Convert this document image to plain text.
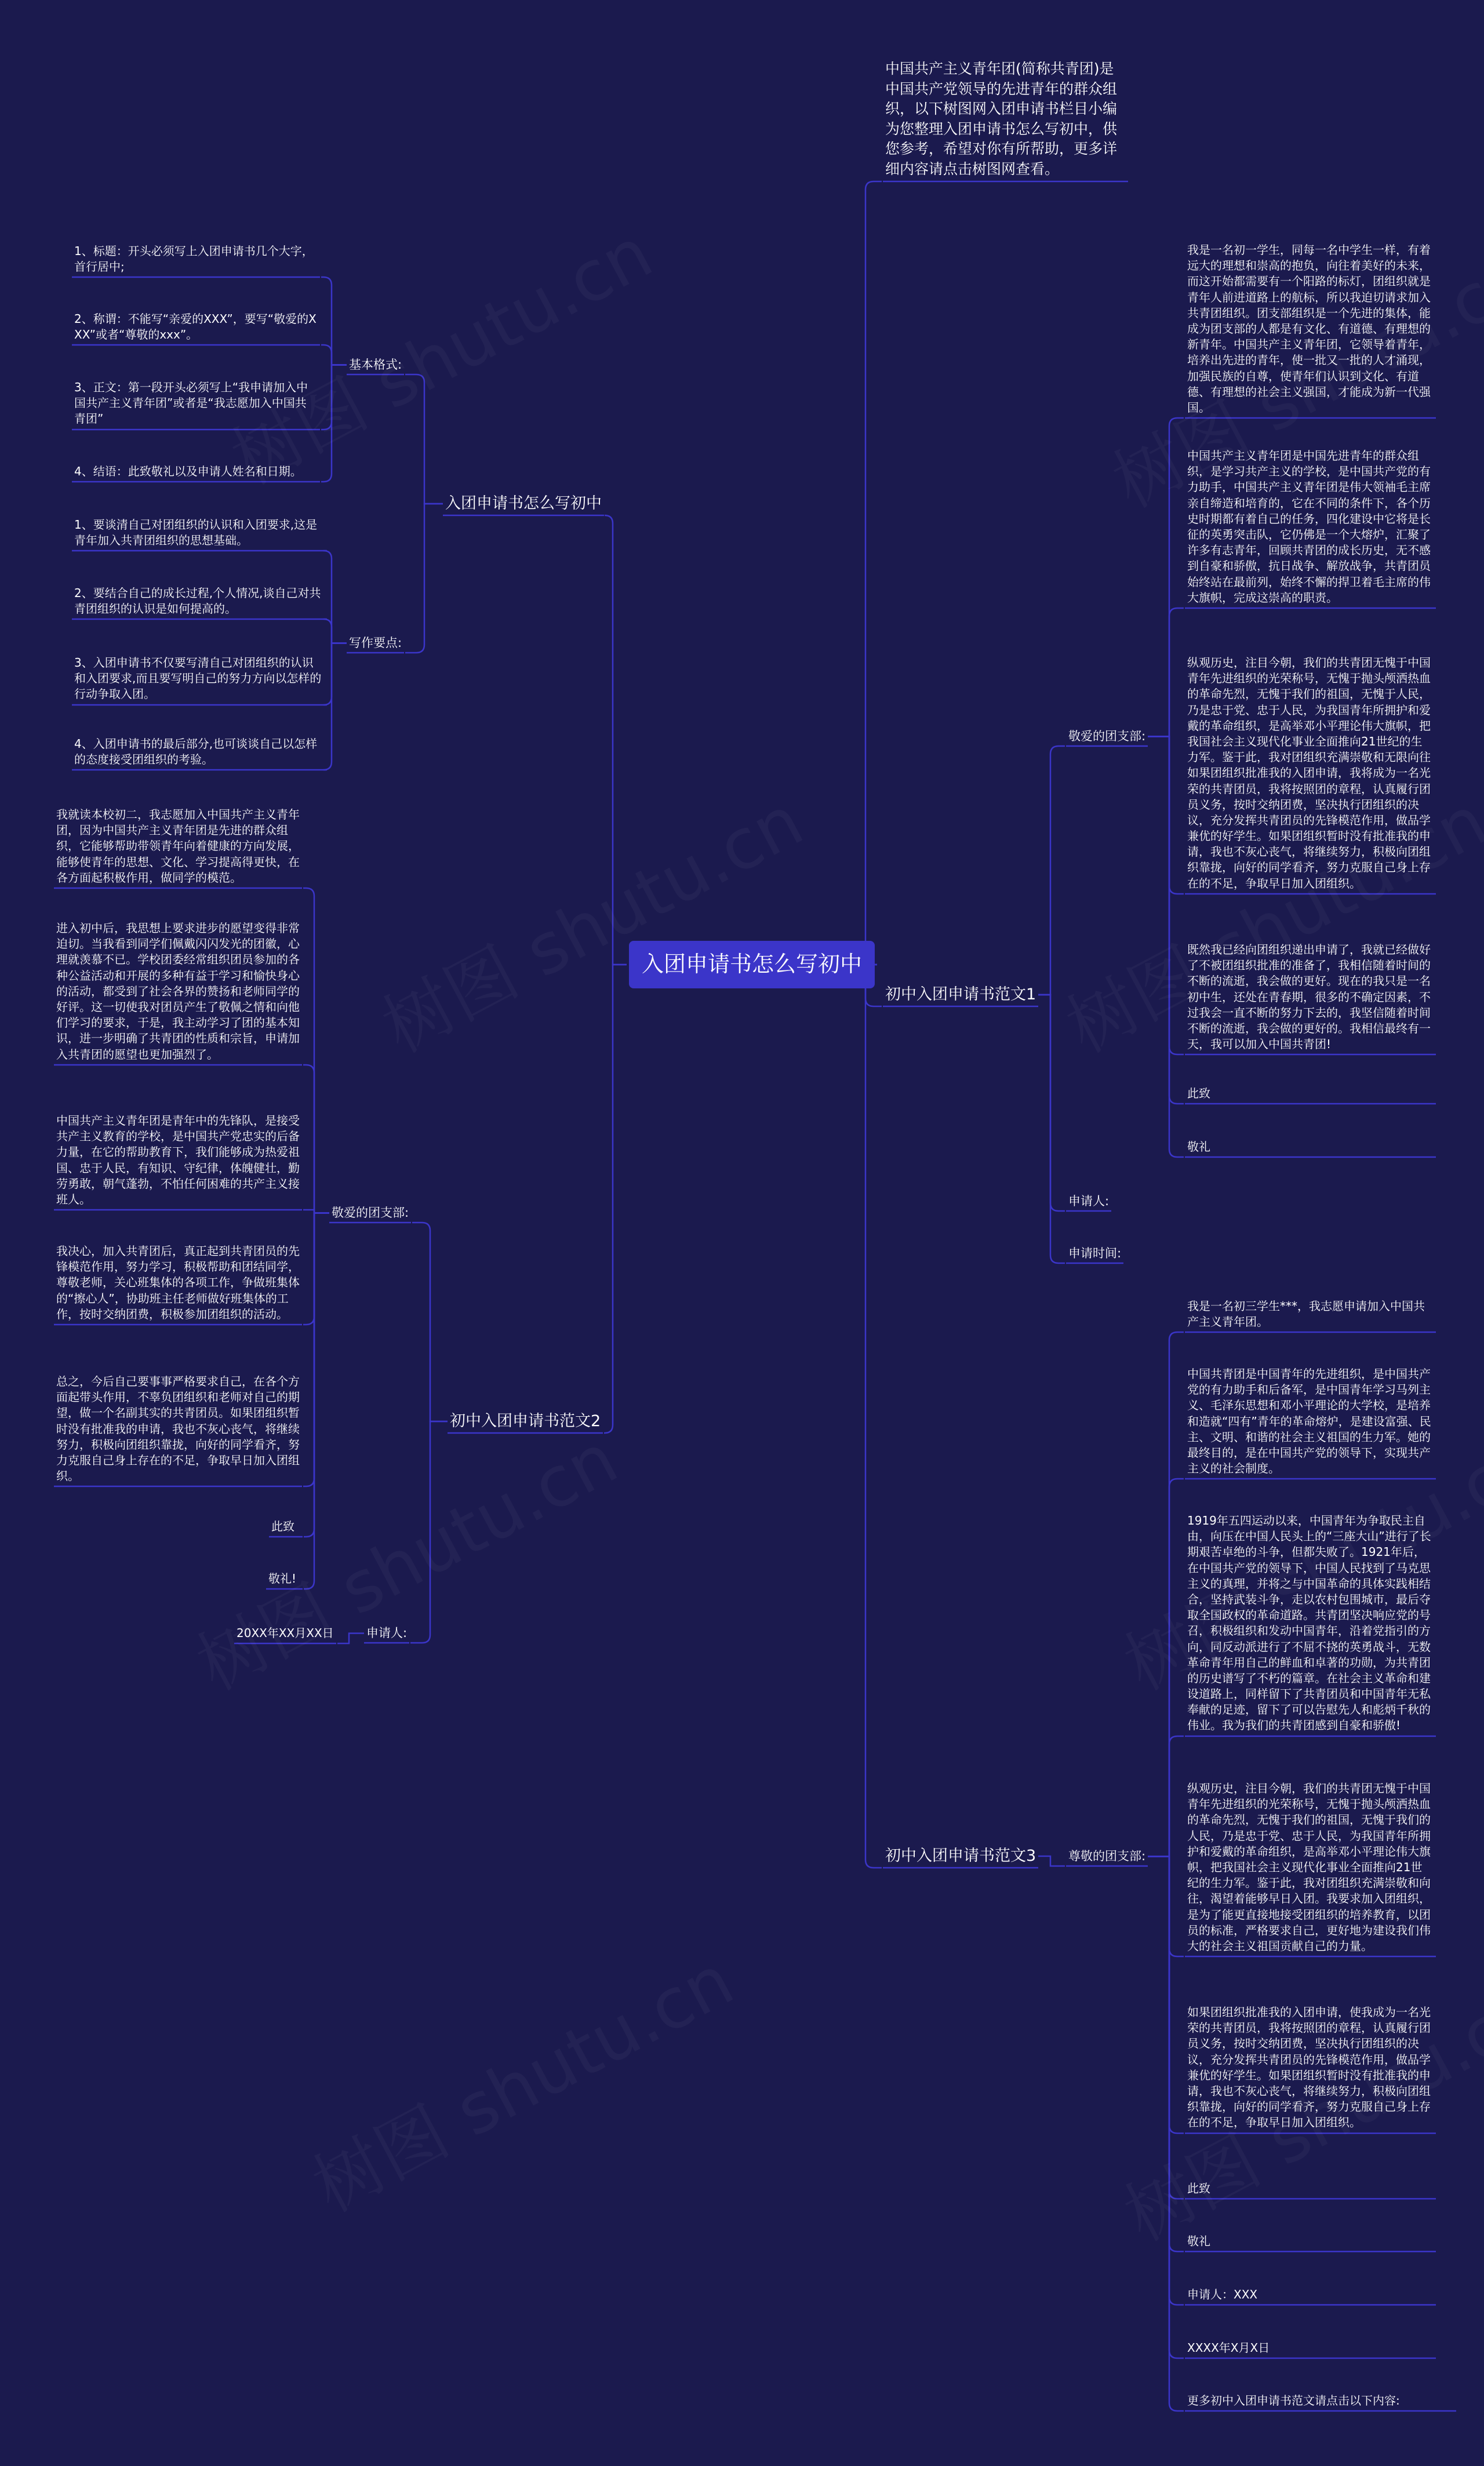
入团申请书怎么写初中
中国共产主义青年团(简称共青团)是中国共产党领导的先进青年的群众组织，以下树图网入团申请书栏目小编为您整理入团申请书怎么写初中，供您参考，希望对你有所帮助，更多详细内容请点击树图网查看。
入团申请书怎么写初中
基本格式:
1、标题：开头必须写上入团申请书几个大字，首行居中;
2、称谓：不能写“亲爱的XXX”，要写“敬爱的XXX”或者“尊敬的xxx”。
3、正文：第一段开头必须写上“我申请加入中国共产主义青年团”或者是“我志愿加入中国共青团”
4、结语：此致敬礼以及申请人姓名和日期。
写作要点:
1、要谈清自己对团组织的认识和入团要求,这是青年加入共青团组织的思想基础。
2、要结合自己的成长过程,个人情况,谈自己对共青团组织的认识是如何提高的。
3、入团申请书不仅要写清自己对团组织的认识和入团要求,而且要写明自己的努力方向以怎样的行动争取入团。
4、入团申请书的最后部分,也可谈谈自己以怎样的态度接受团组织的考验。
初中入团申请书范文1
敬爱的团支部:
我是一名初一学生，同每一名中学生一样，有着远大的理想和崇高的抱负，向往着美好的未来，而这开始都需要有一个阳路的标灯，团组织就是青年人前进道路上的航标，所以我迫切请求加入共青团组织。团支部组织是一个先进的集体，能成为团支部的人都是有文化、有道德、有理想的新青年。中国共产主义青年团，它领导着青年，培养出先进的青年，使一批又一批的人才涌现，加强民族的自尊，使青年们认识到文化、有道德、有理想的社会主义强国，才能成为新一代强国。
中国共产主义青年团是中国先进青年的群众组织，是学习共产主义的学校，是中国共产党的有力助手，中国共产主义青年团是伟大领袖毛主席亲自缔造和培育的，它在不同的条件下，各个历史时期都有着自己的任务，四化建设中它将是长征的英勇突击队，它仍佛是一个大熔炉，汇聚了许多有志青年，回顾共青团的成长历史，无不感到自豪和骄傲，抗日战争、解放战争，共青团员始终站在最前列，始终不懈的捍卫着毛主席的伟大旗帜，完成这崇高的职责。
纵观历史，注目今朝，我们的共青团无愧于中国青年先进组织的光荣称号，无愧于抛头颅洒热血的革命先烈，无愧于我们的祖国，无愧于人民，乃是忠于党、忠于人民，为我国青年所拥护和爱戴的革命组织，是高举邓小平理论伟大旗帜，把我国社会主义现代化事业全面推向21世纪的生力军。鉴于此，我对团组织充满崇敬和无限向往如果团组织批准我的入团申请，我将成为一名光荣的共青团员，我将按照团的章程，认真履行团员义务，按时交纳团费，坚决执行团组织的决议，充分发挥共青团员的先锋模范作用，做品学兼优的好学生。如果团组织暂时没有批准我的申请，我也不灰心丧气，将继续努力，积极向团组织靠拢，向好的同学看齐，努力克服自己身上存在的不足，争取早日加入团组织。
既然我已经向团组织递出申请了，我就已经做好了不被团组织批准的准备了，我相信随着时间的不断的流逝，我会做的更好。现在的我只是一名初中生，还处在青春期，很多的不确定因素，不过我会一直不断的努力下去的，我坚信随着时间不断的流逝，我会做的更好的。我相信最终有一天，我可以加入中国共青团!
此致
敬礼
申请人:
申请时间:
初中入团申请书范文2
敬爱的团支部:
我就读本校初二，我志愿加入中国共产主义青年团，因为中国共产主义青年团是先进的群众组织，它能够帮助带领青年向着健康的方向发展，能够使青年的思想、文化、学习提高得更快，在各方面起积极作用，做同学的模范。
进入初中后，我思想上要求进步的愿望变得非常迫切。当我看到同学们佩戴闪闪发光的团徽，心理就羡慕不已。学校团委经常组织团员参加的各种公益活动和开展的多种有益于学习和愉快身心的活动，都受到了社会各界的赞扬和老师同学的好评。这一切使我对团员产生了敬佩之情和向他们学习的要求，于是，我主动学习了团的基本知识，进一步明确了共青团的性质和宗旨，申请加入共青团的愿望也更加强烈了。
中国共产主义青年团是青年中的先锋队，是接受共产主义教育的学校，是中国共产党忠实的后备力量，在它的帮助教育下，我们能够成为热爱祖国、忠于人民，有知识、守纪律，体魄健壮，勤劳勇敢，朝气蓬勃，不怕任何困难的共产主义接班人。
我决心，加入共青团后，真正起到共青团员的先锋模范作用，努力学习，积极帮助和团结同学，尊敬老师，关心班集体的各项工作，争做班集体的“擦心人”，协助班主任老师做好班集体的工作，按时交纳团费，积极参加团组织的活动。
总之，今后自己要事事严格要求自己，在各个方面起带头作用，不辜负团组织和老师对自己的期望，做一个名副其实的共青团员。如果团组织暂时没有批准我的申请，我也不灰心丧气，将继续努力，积极向团组织靠拢，向好的同学看齐，努力克服自己身上存在的不足，争取早日加入团组织。
此致
敬礼!
申请人:
20XX年XX月XX日
初中入团申请书范文3	尊敬的团支部:
我是一名初三学生***，我志愿申请加入中国共产主义青年团。
中国共青团是中国青年的先进组织，是中国共产党的有力助手和后备军，是中国青年学习马列主义、毛泽东思想和邓小平理论的大学校，是培养和造就“四有”青年的革命熔炉，是建设富强、民主、文明、和谐的社会主义祖国的生力军。她的最终目的，是在中国共产党的领导下，实现共产主义的社会制度。
1919年五四运动以来，中国青年为争取民主自由，向压在中国人民头上的“三座大山”进行了长期艰苦卓绝的斗争，但都失败了。1921年后，在中国共产党的领导下，中国人民找到了马克思主义的真理，并将之与中国革命的具体实践相结合，坚持武装斗争，走以农村包围城市，最后夺取全国政权的革命道路。共青团坚决响应党的号召，积极组织和发动中国青年，沿着党指引的方向，同反动派进行了不屈不挠的英勇战斗，无数革命青年用自己的鲜血和卓著的功勋，为共青团的历史谱写了不朽的篇章。在社会主义革命和建设道路上，同样留下了共青团员和中国青年无私奉献的足迹，留下了可以告慰先人和彪炳千秋的伟业。我为我们的共青团感到自豪和骄傲!
纵观历史，注目今朝，我们的共青团无愧于中国青年先进组织的光荣称号，无愧于抛头颅洒热血的革命先烈，无愧于我们的祖国，无愧于我们的人民，乃是忠于党、忠于人民，为我国青年所拥护和爱戴的革命组织，是高举邓小平理论伟大旗帜，把我国社会主义现代化事业全面推向21世纪的生力军。鉴于此，我对团组织充满崇敬和向往，渴望着能够早日入团。我要求加入团组织，是为了能更直接地接受团组织的培养教育，以团员的标准，严格要求自己，更好地为建设我们伟大的社会主义祖国贡献自己的力量。
如果团组织批准我的入团申请，使我成为一名光荣的共青团员，我将按照团的章程，认真履行团员义务，按时交纳团费，坚决执行团组织的决议，充分发挥共青团员的先锋模范作用，做品学兼优的好学生。如果团组织暂时没有批准我的申请，我也不灰心丧气，将继续努力，积极向团组织靠拢，向好的同学看齐，努力克服自己身上存在的不足，争取早日加入团组织。
此致
敬礼
申请人：XXX
XXXX年X月X日
更多初中入团申请书范文请点击以下内容:
